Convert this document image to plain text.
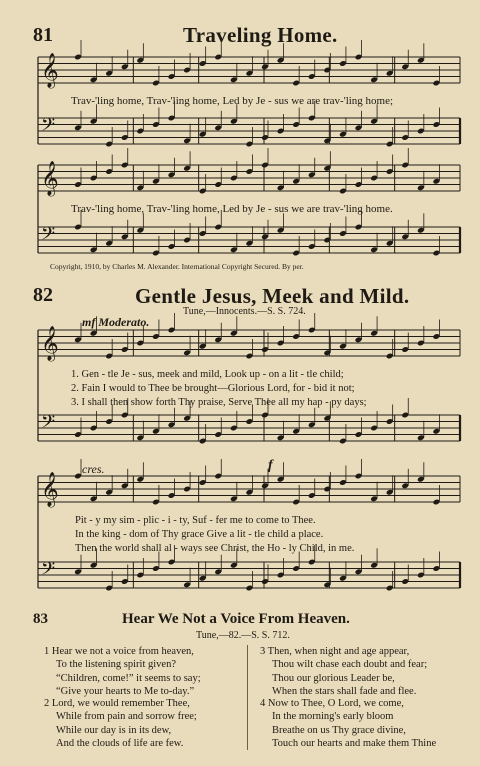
81	Traveling Home.
𝄞
𝄢
𝄞
𝄢
𝄞
𝄢
𝄞
𝄢
Trav-'ling home, Trav-'ling home, Led by Je - sus we are trav-'ling home;
Trav-'ling home, Trav-'ling home, Led by Je - sus we are trav-'ling home.
Copyright, 1910, by Charles M. Alexander. International Copyright Secured. By per.
82	Gentle Jesus, Meek and Mild.
Tune,—Innocents.—S. S. 724.
mf Moderato.
1. Gen - tle Je - sus, meek and mild, Look up - on a lit - tle child;
2. Fain I would to Thee be brought—Glorious Lord, for - bid it not;
3. I shall then show forth Thy praise, Serve Thee all my hap - py days;
cres.	f
Pit - y my sim - plic - i - ty, Suf - fer me to come to Thee.
In the king - dom of Thy grace Give a lit - tle child a place.
Then the world shall al - ways see Christ, the Ho - ly Child, in me.
83	Hear We Not a Voice From Heaven.
Tune,—82.—S. S. 712.
1 Hear we not a voice from heaven,
To the listening spirit given?
“Children, come!” it seems to say;
“Give your hearts to Me to-day.”
2 Lord, we would remember Thee,
While from pain and sorrow free;
While our day is in its dew,
And the clouds of life are few.
3 Then, when night and age appear,
Thou wilt chase each doubt and fear;
Thou our glorious Leader be,
When the stars shall fade and flee.
4 Now to Thee, O Lord, we come,
In the morning's early bloom
Breathe on us Thy grace divine,
Touch our hearts and make them Thine
